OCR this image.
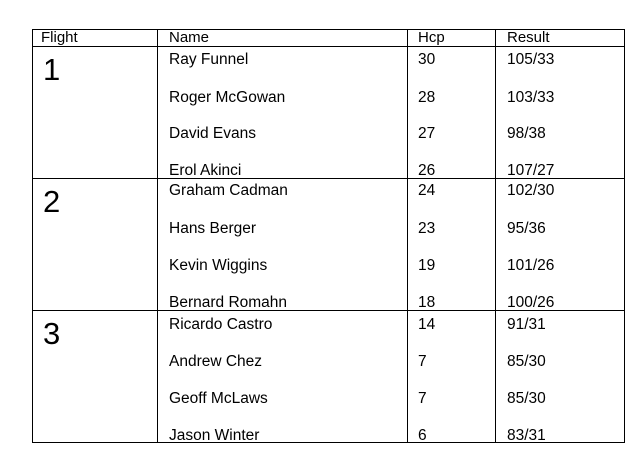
Flight	Name	Hcp	Result
1	Ray Funnel	30	105/33
Roger McGowan	28	103/33
David Evans	27	98/38
Erol Akinci	26	107/27
2	Graham Cadman	24	102/30
Hans Berger	23	95/36
Kevin Wiggins	19	101/26
Bernard Romahn	18	100/26
3	Ricardo Castro	14	91/31
Andrew Chez	7	85/30
Geoff McLaws	7	85/30
Jason Winter	6	83/31
